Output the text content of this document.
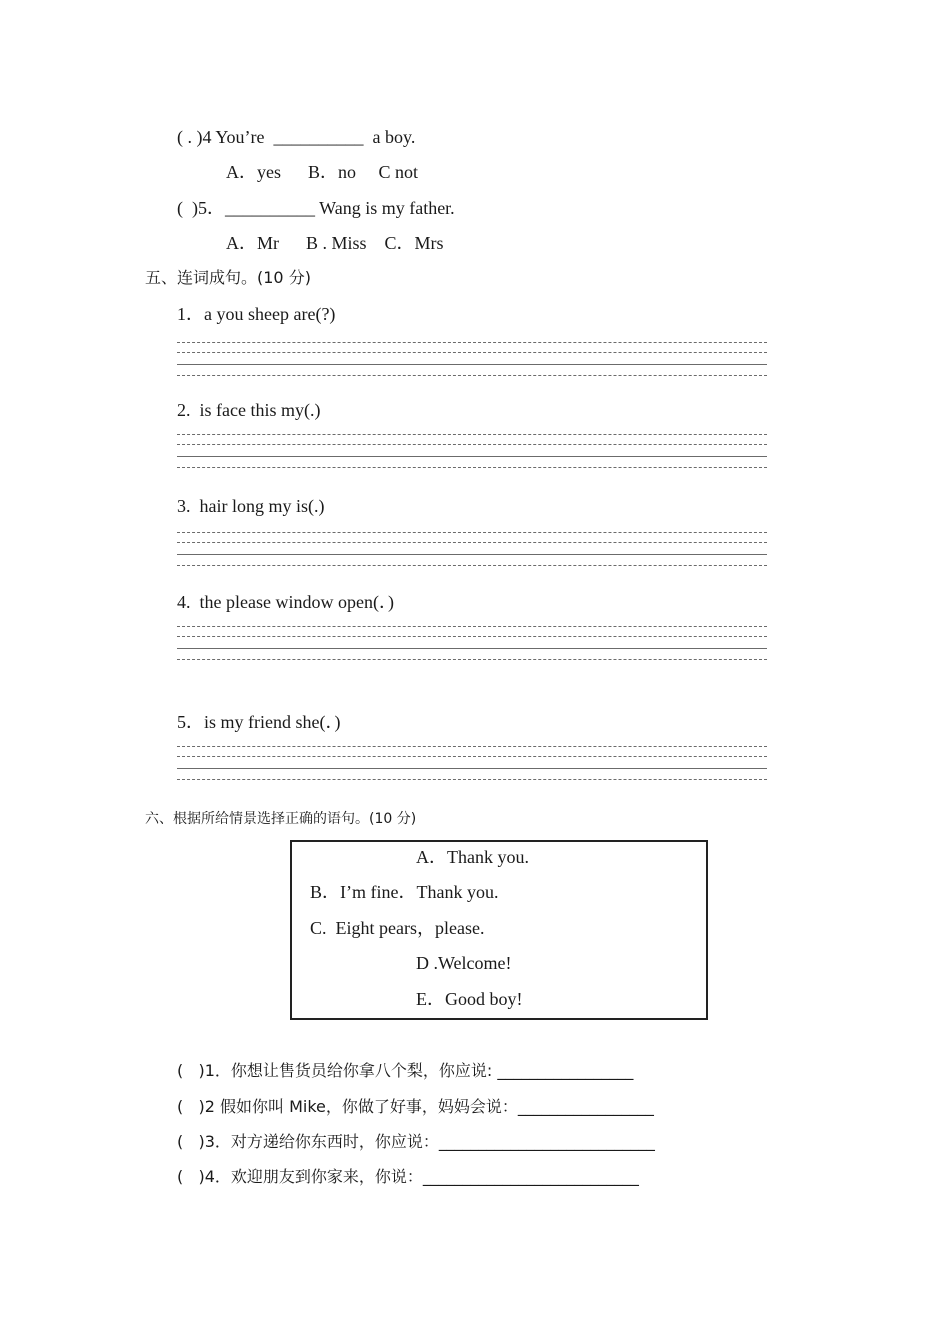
( . )4 You’re  __________  a boy.
A．yes      B．no     C not
(  )5．__________ Wang is my father.
A．Mr      B . Miss    C．Mrs
五、连词成句。(10 分)
1．a you sheep are(?)
2.  is face this my(.)
3.  hair long my is(.)
4.  the please window open(．)
5．is my friend she(．)
六、根据所给情景选择正确的语句。(10 分)
A．Thank you.
B．I’m fine．Thank you.
C.  Eight pears，please.
D .Welcome!
E．Good boy!
(   )1．你想让售货员给你拿八个梨，你应说: _________________
(   )2 假如你叫 Mike，你做了好事，妈妈会说：_________________
(   )3．对方递给你东西时，你应说：___________________________
(   )4．欢迎朋友到你家来，你说：___________________________
